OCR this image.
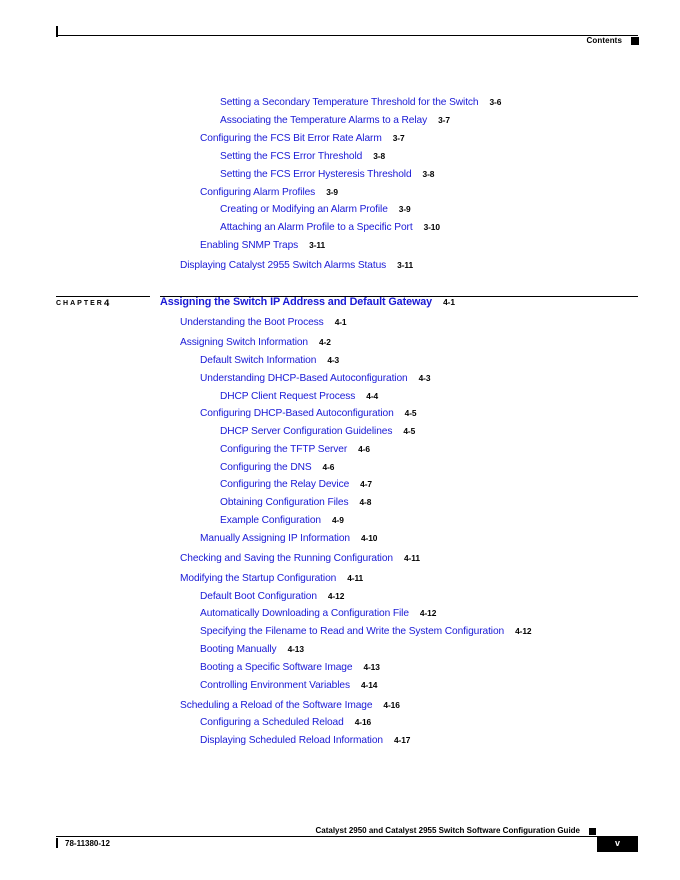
Contents
CHAPTER 4
Setting a Secondary Temperature Threshold for the Switch 3-6
Associating the Temperature Alarms to a Relay 3-7
Configuring the FCS Bit Error Rate Alarm 3-7
Setting the FCS Error Threshold 3-8
Setting the FCS Error Hysteresis Threshold 3-8
Configuring Alarm Profiles 3-9
Creating or Modifying an Alarm Profile 3-9
Attaching an Alarm Profile to a Specific Port 3-10
Enabling SNMP Traps 3-11
Displaying Catalyst 2955 Switch Alarms Status 3-11
Assigning the Switch IP Address and Default Gateway 4-1
Understanding the Boot Process 4-1
Assigning Switch Information 4-2
Default Switch Information 4-3
Understanding DHCP-Based Autoconfiguration 4-3
DHCP Client Request Process 4-4
Configuring DHCP-Based Autoconfiguration 4-5
DHCP Server Configuration Guidelines 4-5
Configuring the TFTP Server 4-6
Configuring the DNS 4-6
Configuring the Relay Device 4-7
Obtaining Configuration Files 4-8
Example Configuration 4-9
Manually Assigning IP Information 4-10
Checking and Saving the Running Configuration 4-11
Modifying the Startup Configuration 4-11
Default Boot Configuration 4-12
Automatically Downloading a Configuration File 4-12
Specifying the Filename to Read and Write the System Configuration 4-12
Booting Manually 4-13
Booting a Specific Software Image 4-13
Controlling Environment Variables 4-14
Scheduling a Reload of the Software Image 4-16
Configuring a Scheduled Reload 4-16
Displaying Scheduled Reload Information 4-17
Catalyst 2950 and Catalyst 2955 Switch Software Configuration Guide
78-11380-12	v
